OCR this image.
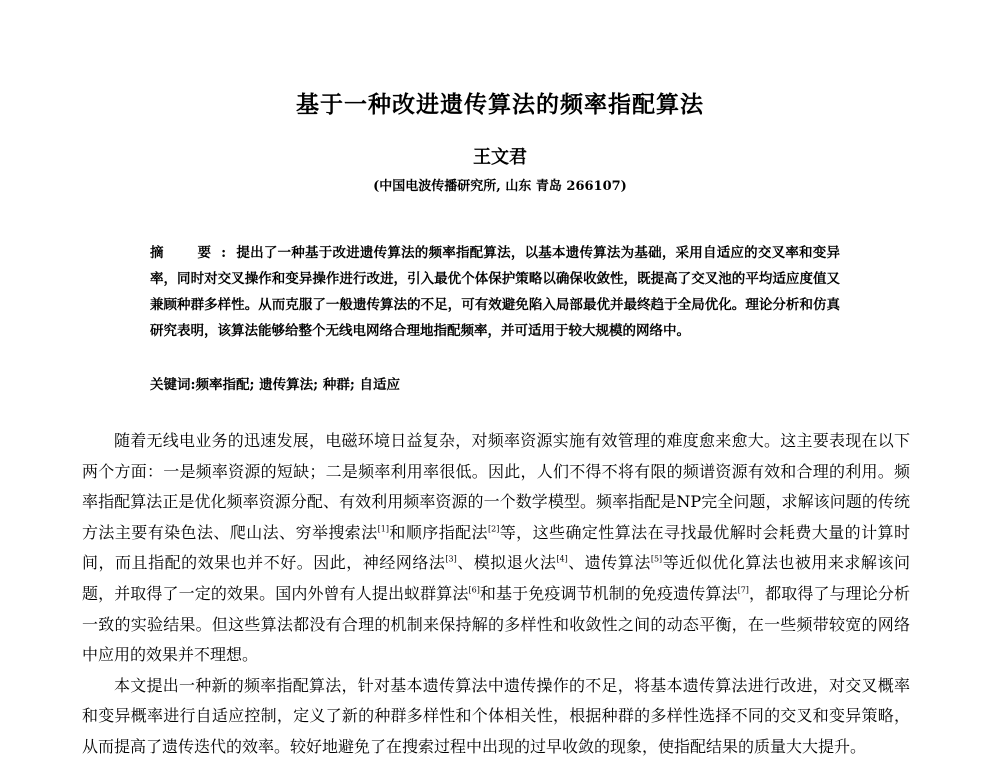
基于一种改进遗传算法的频率指配算法
王文君
(中国电波传播研究所, 山东 青岛 266107)
摘　要:提出了一种基于改进遗传算法的频率指配算法，以基本遗传算法为基础，采用自适应的交叉率和变异率，同时对交叉操作和变异操作进行改进，引入最优个体保护策略以确保收敛性，既提高了交叉池的平均适应度值又兼顾种群多样性。从而克服了一般遗传算法的不足，可有效避免陷入局部最优并最终趋于全局优化。理论分析和仿真研究表明，该算法能够给整个无线电网络合理地指配频率，并可适用于较大规模的网络中。
关键词:频率指配; 遗传算法; 种群; 自适应

随着无线电业务的迅速发展，电磁环境日益复杂，对频率资源实施有效管理的难度愈来愈大。这主要表现在以下两个方面：一是频率资源的短缺；二是频率利用率很低。因此，人们不得不将有限的频谱资源有效和合理的利用。频率指配算法正是优化频率资源分配、有效利用频率资源的一个数学模型。频率指配是NP完全问题，求解该问题的传统方法主要有染色法、爬山法、穷举搜索法[1]和顺序指配法[2]等，这些确定性算法在寻找最优解时会耗费大量的计算时间，而且指配的效果也并不好。因此，神经网络法[3]、模拟退火法[4]、遗传算法[5]等近似优化算法也被用来求解该问题，并取得了一定的效果。国内外曾有人提出蚁群算法[6]和基于免疫调节机制的免疫遗传算法[7]，都取得了与理论分析一致的实验结果。但这些算法都没有合理的机制来保持解的多样性和收敛性之间的动态平衡，在一些频带较宽的网络中应用的效果并不理想。

本文提出一种新的频率指配算法，针对基本遗传算法中遗传操作的不足，将基本遗传算法进行改进，对交叉概率和变异概率进行自适应控制，定义了新的种群多样性和个体相关性，根据种群的多样性选择不同的交叉和变异策略，从而提高了遗传迭代的效率。较好地避免了在搜索过程中出现的过早收敛的现象，使指配结果的质量大大提升。
